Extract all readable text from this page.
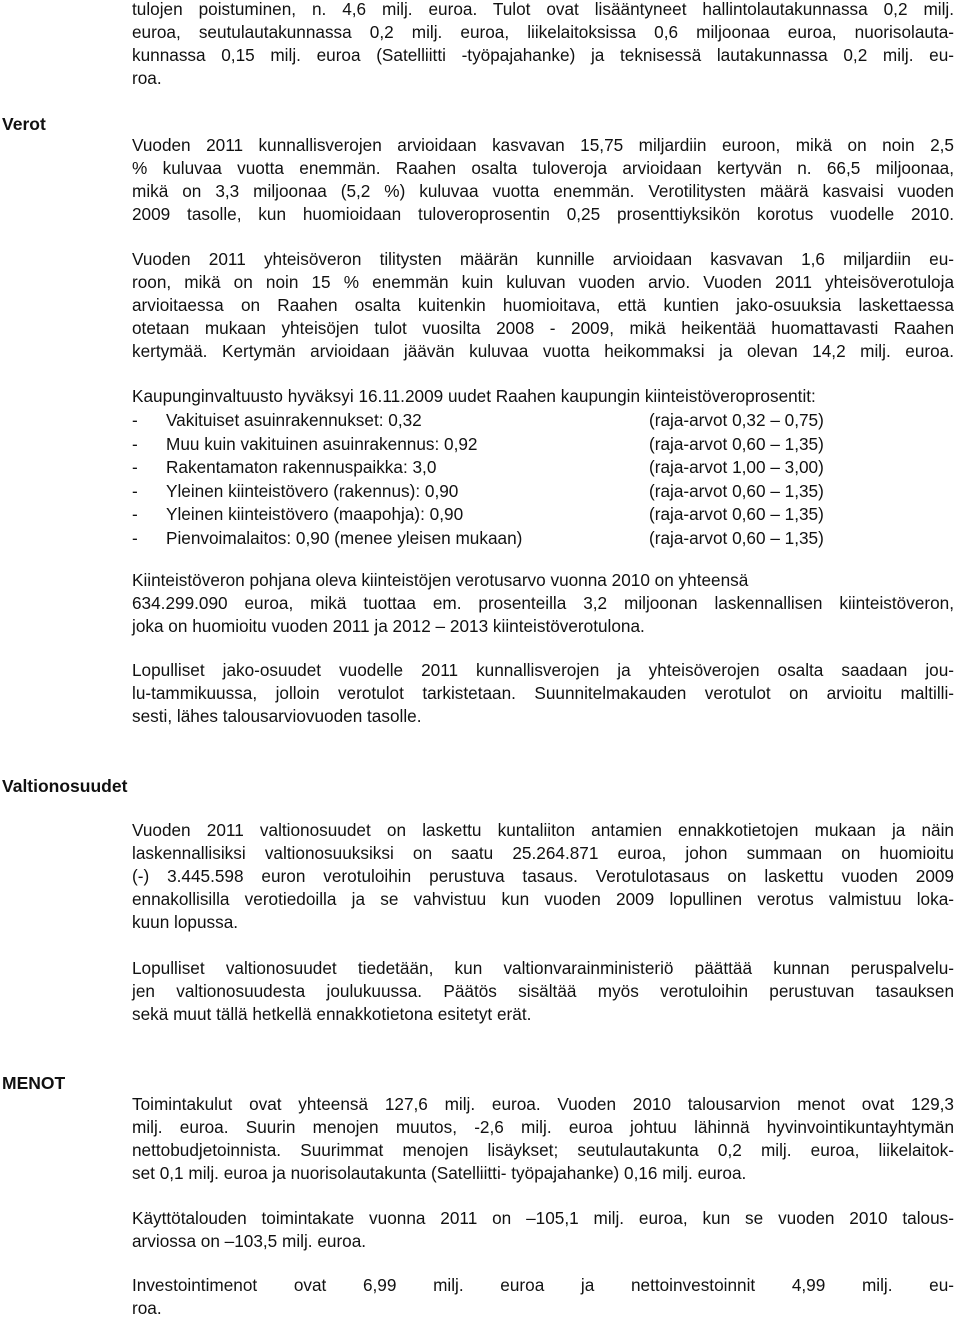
tulojen poistuminen, n. 4,6 milj. euroa. Tulot ovat lisääntyneet hallintolautakunnassa 0,2 milj.
euroa, seutulautakunnassa 0,2 milj. euroa, liikelaitoksissa 0,6 miljoonaa euroa, nuorisolauta-
kunnassa 0,15 milj. euroa (Satelliitti -työpajahanke) ja teknisessä lautakunnassa 0,2 milj. eu-
roa.
Verot
Vuoden 2011 kunnallisverojen arvioidaan kasvavan 15,75 miljardiin euroon, mikä on noin 2,5
% kuluvaa vuotta enemmän. Raahen osalta tuloveroja arvioidaan kertyvän n. 66,5 miljoonaa,
mikä on 3,3 miljoonaa (5,2 %) kuluvaa vuotta enemmän. Verotilitysten määrä kasvaisi vuoden
2009 tasolle, kun huomioidaan tuloveroprosentin 0,25 prosenttiyksikön korotus vuodelle 2010.
Vuoden 2011 yhteisöveron tilitysten määrän kunnille arvioidaan kasvavan 1,6 miljardiin eu-
roon, mikä on noin 15 % enemmän kuin kuluvan vuoden arvio. Vuoden 2011 yhteisöverotuloja
arvioitaessa on Raahen osalta kuitenkin huomioitava, että kuntien jako-osuuksia laskettaessa
otetaan mukaan yhteisöjen tulot vuosilta 2008 - 2009, mikä heikentää huomattavasti Raahen
kertymää. Kertymän arvioidaan jäävän kuluvaa vuotta heikommaksi ja olevan 14,2 milj. euroa.
Kaupunginvaltuusto hyväksyi 16.11.2009 uudet Raahen kaupungin kiinteistöveroprosentit:
- Vakituiset asuinrakennukset: 0,32	(raja-arvot 0,32 – 0,75)
- Muu kuin vakituinen asuinrakennus: 0,92	(raja-arvot 0,60 – 1,35)
- Rakentamaton rakennuspaikka: 3,0	(raja-arvot 1,00 – 3,00)
- Yleinen kiinteistövero (rakennus): 0,90	(raja-arvot 0,60 – 1,35)
- Yleinen kiinteistövero (maapohja): 0,90	(raja-arvot 0,60 – 1,35)
- Pienvoimalaitos: 0,90 (menee yleisen mukaan)	(raja-arvot 0,60 – 1,35)
Kiinteistöveron pohjana oleva kiinteistöjen verotusarvo vuonna 2010 on yhteensä
634.299.090 euroa, mikä tuottaa em. prosenteilla 3,2 miljoonan laskennallisen kiinteistöveron,
joka on huomioitu vuoden 2011 ja 2012 – 2013 kiinteistöverotulona.
Lopulliset jako-osuudet vuodelle 2011 kunnallisverojen ja yhteisöverojen osalta saadaan jou-
lu-tammikuussa, jolloin verotulot tarkistetaan. Suunnitelmakauden verotulot on arvioitu maltilli-
sesti, lähes talousarviovuoden tasolle.
Valtionosuudet
Vuoden 2011 valtionosuudet on laskettu kuntaliiton antamien ennakkotietojen mukaan ja näin
laskennallisiksi valtionosuuksiksi on saatu 25.264.871 euroa, johon summaan on huomioitu
(-) 3.445.598 euron verotuloihin perustuva tasaus. Verotulotasaus on laskettu vuoden 2009
ennakollisilla verotiedoilla ja se vahvistuu kun vuoden 2009 lopullinen verotus valmistuu loka-
kuun lopussa.
Lopulliset valtionosuudet tiedetään, kun valtionvarainministeriö päättää kunnan peruspalvelu-
jen valtionosuudesta joulukuussa. Päätös sisältää myös verotuloihin perustuvan tasauksen
sekä muut tällä hetkellä ennakkotietona esitetyt erät.
MENOT
Toimintakulut ovat yhteensä 127,6 milj. euroa. Vuoden 2010 talousarvion menot ovat 129,3
milj. euroa. Suurin menojen muutos, -2,6 milj. euroa johtuu lähinnä hyvinvointikuntayhtymän
nettobudjetoinnista. Suurimmat menojen lisäykset; seutulautakunta 0,2 milj. euroa, liikelaitok-
set 0,1 milj. euroa ja nuorisolautakunta (Satelliitti- työpajahanke) 0,16 milj. euroa.
Käyttötalouden toimintakate vuonna 2011 on –105,1 milj. euroa, kun se vuoden 2010 talous-
arviossa on –103,5 milj. euroa.
Investointimenot ovat 6,99 milj. euroa ja nettoinvestoinnit 4,99 milj. eu-
roa.
